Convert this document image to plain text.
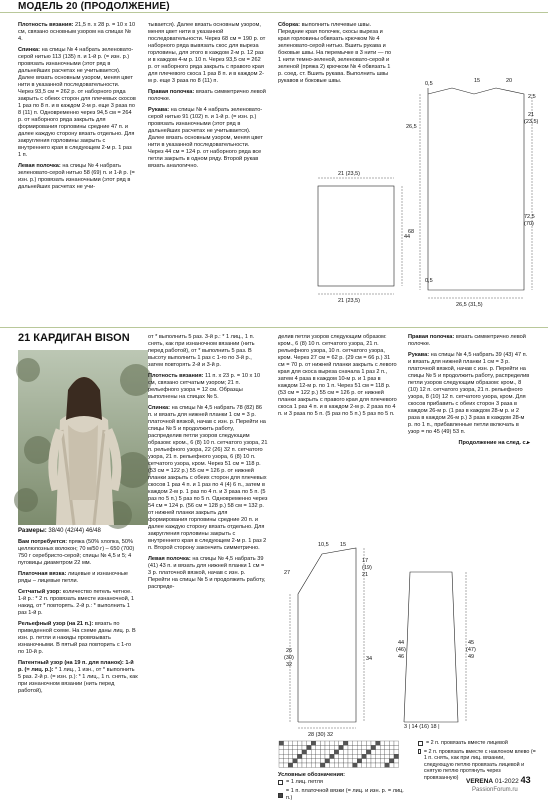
МОДЕЛЬ 20 (ПРОДОЛЖЕНИЕ)

Плотность вязания: 21,5 п. х 28 р. = 10 х 10 см, связано основным узором на спицах № 4.

Спинка: на спицы № 4 набрать зеленовато-серой нитью 113 (135) п. и 1-й р. (= изн. р.) провязать изнаночными (этот ряд в дальнейших расчетах не учитывается). Далее вязать основным узором, меняя цвет нити в указанной последовательности. Через 93,5 см = 262 р. от наборного ряда закрыть с обеих сторон для плечевых скосов 1 раз по 8 п. и в каждом 2-м р. еще 3 раза по 8 (11) п. Одновременно через 94,5 см = 264 р. от наборного ряда закрыть для формирования горловины средние 47 п. и далее каждую сторону вязать отдельно. Для закругления горловины закрыть с внутреннего края в следующем 2-м р. 1 раз 1 п.

Левая полочка: на спицы № 4 набрать зеленовато-серой нитью 58 (69) п. и 1-й р. (= изн. р.) провязать изнаночными (этот ряд в дальнейших расчетах не учи-

тывается). Далее вязать основным узором, меняя цвет нити в указанной последовательности. Через 68 см = 190 р. от наборного ряда вывязать скос для выреза горловины, для этого в каждом 2-м р. 12 раз и в каждом 4-м р. 10 п. Через 93,5 см = 262 р. от наборного ряда закрыть с правого края для плечевого скоса 1 раз 8 п. и в каждом 2-м р. еще 3 раза по 8 (11) п.

Правая полочка: вязать симметрично левой полочке.

Рукава: на спицы № 4 набрать зеленовато-серой нитью 91 (102) п. и 1-й р. (= изн. р.) провязать изнаночными (этот ряд в дальнейших расчетах не учитывается). Далее вязать основным узором, меняя цвет нити в указанной последовательности. Через 44 см = 124 р. от наборного ряда все петли закрыть в одном ряду. Второй рукав вязать аналогично.

Сборка: выполнить плечевые швы. Передние края полочек, скосы выреза и края горловины обвязать крючком № 4 зеленовато-серой нитью. Вшить рукава и боковые швы. На перемычке в 3 нити — по 1 нити темно-зеленой, зеленовато-серой и зеленой (пряжа 2) крючком № 4 обвязать 1 р. соед. ст. Вшить рукава. Выполнить швы рукавов и боковые швы.	0,5	15	20
2,5
21
(23,5)
26,5
72,5
(70)
68
0,5
26,5 (31,5)
21 (23,5)
44
21 (23,5)
21 КАРДИГАН BISON

Размеры: 38/40 (42/44) 46/48

Вам потребуется: пряжа (50% хлопка, 50% целлюлозных волокон; 70 м/50 г) – 650 (700) 750 г серебристо-серой; спицы № 4,5 и 5; 4 пуговицы диаметром 22 мм.

Платочная вязка: лицевые и изнаночные ряды – лицевые петли.

Сетчатый узор: количество петель четное. 1-й р.: * 2 п. провязать вместе изнаночной, 1 накид, от * повторять. 2-й р.: * выполнить 1 раз 1-й р.

Рельефный узор (на 21 п.): вязать по приведенной схеме. На схеме даны лиц. р. В изн. р. петли и накиды провязывать изнаночными. В пятый раз повторить с 1-го по 10-й р.

Патентный узор (на 19 п. для планок): 1-й р. (= лиц. р.): * 1 лиц., 1 изн., от * выполнить 5 раз. 2-й р. (= изн. р.): * 1 лиц., 1 п. снять, как при изнаночном вязании (нить перед работой),

от * выполнить 5 раз. 3-й р.: * 1 лиц., 1 п. снять, как при изнаночном вязании (нить перед работой), от * выполнить 5 раз. В высоту выполнить 1 раз с 1-го по 3-й р., затем повторять 2-й и 3-й р.

Плотность вязания: 11 п. х 23 р. = 10 х 10 см, связано сетчатым узором; 21 п. рельефного узора = 12 см. Образцы выполнены на спицах № 5.

Спинка: на спицы № 4,5 набрать 78 (82) 86 п. и вязать для нижней планки 1 см = 3 р. платочной вязкой, начав с изн. р. Перейти на спицы № 5 и продолжить работу, распределив петли узоров следующим образом: кром., 6 (8) 10 п. сетчатого узора, 21 п. рельефного узора, 22 (26) 32 п. сетчатого узора, 21 п. рельефного узора, 6 (8) 10 п. сетчатого узора, кром. Через 51 см = 118 р. (53 см = 122 р.) 55 см = 126 р. от нижней планки закрыть с обеих сторон для плечевых скосов 1 раз 4 п. и 1 раз по 4 (4) 6 п., затем в каждом 2-м р. 1 раз по 4 п. и 3 раза по 5 п. (5 раз по 5 п.) 5 раз по 5 п. Одновременно через 54 см = 124 р. (56 см = 128 р.) 58 см = 132 р. от нижней планки закрыть для формирования горловины средние 20 п. и далее каждую сторону вязать отдельно. Для закругления горловины закрыть с внутреннего края в следующем 2-м р. 1 раз 2 п. Второй сторону закончить симметрично.

Левая полочка: на спицы № 4,5 набрать 39 (41) 43 п. и вязать для нижней планки 1 см = 3 р. платочной вязкой, начав с изн. р. Перейти на спицы № 5 и продолжить работу, распреде-

делив петли узоров следующим образом: кром., 6 (8) 10 п. сетчатого узора, 21 п. рельефного узора, 10 п. сетчатого узора, кром. Через 27 см = 62 р. (29 см = 66 р.) 31 см = 70 р. от нижней планки закрыть с левого края для скоса выреза сначала 1 раз 2 п., затем 4 раза в каждом 10-м р. и 1 раз в каждом 12-м р. по 1 п. Через 51 см = 118 р. (53 см = 122 р.) 55 см = 126 р. от нижней планки закрыть с правого края для плечевого скоса 1 раз 4 п. и в каждом 2-м р. 2 раза по 4 п. и 3 раза по 5 п. (5 раз по 5 п.) 5 раз по 5 п.

Правая полочка: вязать симметрично левой полочке.

Рукава: на спицы № 4,5 набрать 39 (43) 47 п. и вязать для нижней планки 1 см = 3 р. платочной вязкой, начав с изн. р. Перейти на спицы № 5 и продолжить работу, распределив петли узоров следующим образом: кром., 8 (10) 12 п. сетчатого узора, 21 п. рельефного узора, 8 (10) 12 п. сетчатого узора, кром. Для скосов прибавить с обеих сторон 3 раза в каждом 26-м р. (1 раз в каждом 28-м р. и 2 раза в каждом 26-м р.) 3 раза в каждом 28-м р. по 1 п., прибавленные петли включать в узор = по 45 (49) 53 п.

Продолжение на след. с.▸

10,5 15
27
17
(19)
21
34
26
(30)
32
28 (30) 32
44
(46)
46
45
(47)
49
3 | 14 (16) 18 |
Условные обозначения:
= 1 лиц. петля
= 1 п. платочной вязки (= лиц. и изн. р. = лиц. п.)
= 2 п. провязать вместе лицевой
= 2 п. провязать вместе с наклоном влево (= 1 п. снять, как при лиц. вязании, следующую петлю провязать лицевой и снятую петлю протянуть через провязанную)
VERENA 01-2022 43
PassionForum.ru
